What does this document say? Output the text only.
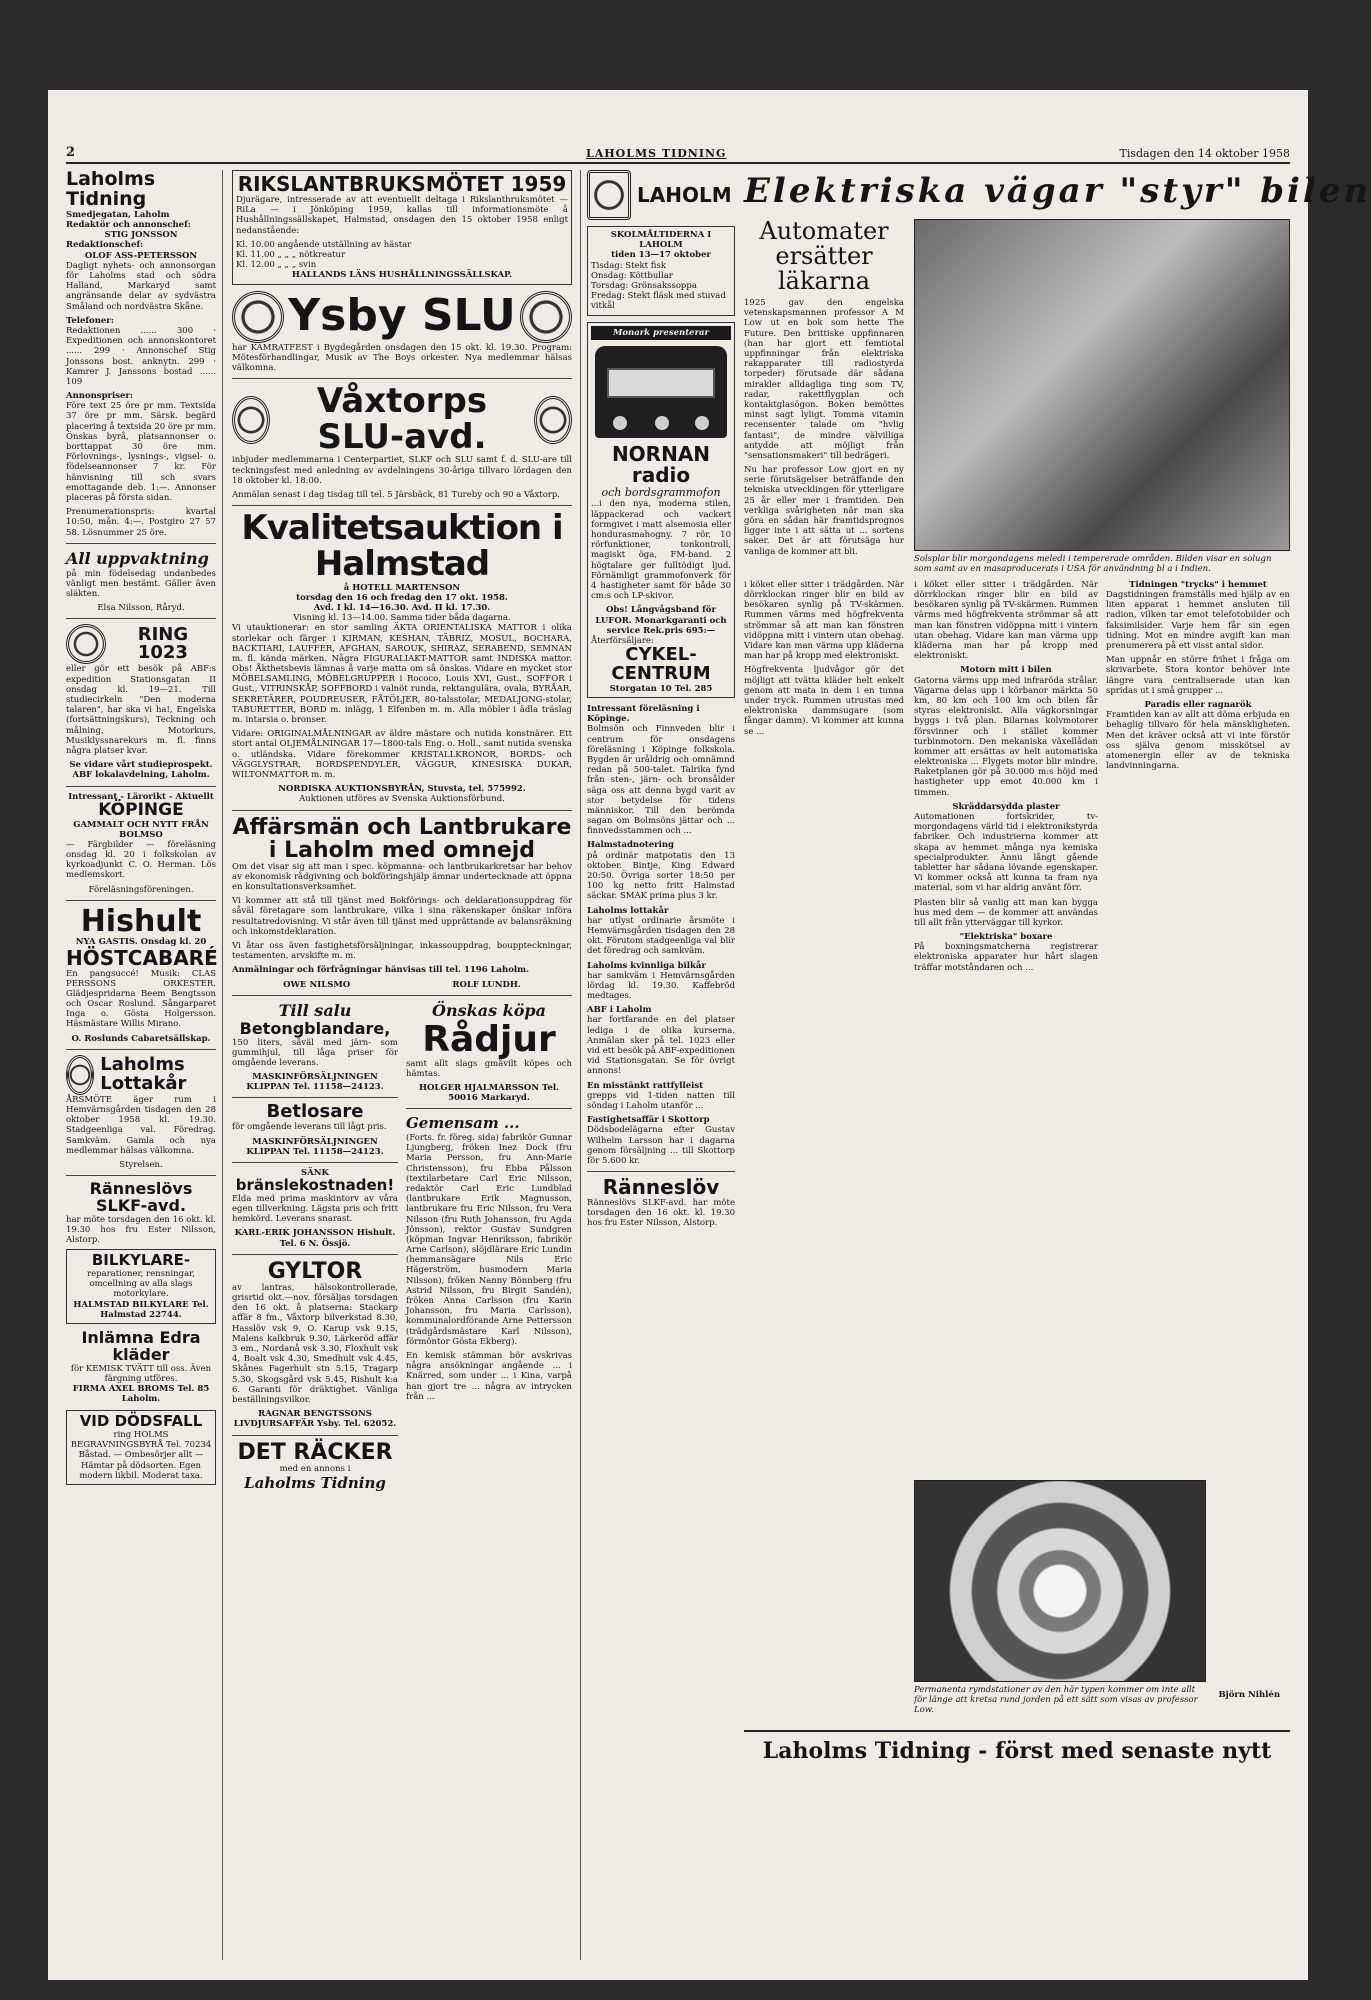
2	LAHOLMS TIDNING	Tisdagen den 14 oktober 1958
Laholms Tidning
Smedjegatan, Laholm
Redaktör och annonschef:
STIG JONSSON
Redaktionschef:
OLOF ASS-PETERSSON
Dagligt nyhets- och annonsorgan för Laholms stad och södra Halland, Markaryd samt angränsande delar av sydvästra Småland och nordvästra Skåne.
Telefoner:
Redaktionen ...... 300 · Expeditionen och annonskontoret ...... 299 · Annonschef Stig Jonssons bost. anknytn. 299 · Kamrer J. Janssons bostad ...... 109
Annonspriser:
Före text 25 öre pr mm. Textsida 37 öre pr mm. Särsk. begärd placering å textsida 20 öre pr mm. Önskas byrå, platsannonser o. borttappat 30 öre mm. Förlovnings-, lysnings-, vigsel- o. födelseannonser 7 kr. För hänvisning till sch svars emottagande deb. 1:—. Annonser placeras på första sidan.
Prenumerationspris: kvartal 10:50, mån. 4:—. Postgiro 27 57 58. Lösnummer 25 öre.
All uppvaktning
på min födelsedag undanbedes vänligt men bestämt. Gäller även släkten.
Elsa Nilsson, Råryd.
RING 1023
eller gör ett besök på ABF:s expedition Stationsgatan II onsdag kl. 19—21. Till studiecirkeln "Den moderna talaren", har ska vi ha!, Engelska (fortsättningskurs), Teckning och målning, Motorkurs, Musiklyssnarekurs m. fl. finns några platser kvar.
Se vidare vårt studieprospekt. ABF lokalavdelning, Laholm.
Intressant - Lärorikt - Aktuellt
KÖPINGE
GAMMALT OCH NYTT FRÅN BOLMSO
— Färgbilder — föreläsning onsdag kl. 20 i folkskolan av kyrkoadjunkt C. O. Herman. Lös medlemskort.
Föreläsningsföreningen.
Hishult
NYA GASTIS. Onsdag kl. 20
HÖSTCABARÉ
En pangsuccé! Musik: CLAS PERSSONS ORKESTER. Glädjespridarna Beem Bengtsson och Oscar Roslund. Sångarparet Inga o. Gösta Holgersson. Häsmästare Willis Mirano.
O. Roslunds Cabaretsällskap.
Laholms Lottakår
ÅRSMÖTE äger rum i Hemvärnsgården tisdagen den 28 oktober 1958 kl. 19.30. Stadgeenliga val. Föredrag. Samkväm. Gamla och nya medlemmar hälsas välkomna.
Styrelsen.
Rännеslövs SLKF-avd.
har möte torsdagen den 16 okt. kl. 19.30 hos fru Ester Nilsson, Alstorp.
BILKYLARE-
reparationer, rensningar, omcellning av alla slags motorkylare.
HALMSTAD BILKYLARE Tel. Halmstad 22744.
Inlämna Edra kläder
för KEMISK TVÄTT till oss. Även färgning utföres.
FIRMA AXEL BROMS Tel. 85 Laholm.
VID DÖDSFALL
ring HOLMS BEGRAVNINGSBYRÅ Tel. 70234 Båstad. — Ombesörjer allt — Hämtar på dödsorten. Egen modern likbil. Moderat taxa.
RIKSLANTBRUKSMÖTET 1959
Djurägare, intresserade av att eventuellt deltaga i Rikslanthruksmötet — RiLa — i Jönköping 1959, kallas till informationsmöte å Hushållningssällskapet, Halmstad, onsdagen den 15 oktober 1958 enligt nedanstående:
Kl. 10.00 angående utställning av hästar
Kl. 11.00 „ „ „ nötkreatur
Kl. 12.00 „ „ „ svin
HALLANDS LÄNS HUSHÅLLNINGSSÄLLSKAP.
Ysby SLU
har KAMRATFEST i Bygdegården onsdagen den 15 okt. kl. 19.30. Program: Mötesförhandlingar, Musik av The Boys orkester. Nya medlemmar hälsas välkomna.
Våxtorps SLU-avd.
inbjuder medlemmarna i Centerpartiet, SLKF och SLU samt f. d. SLU-are till teckningsfest med anledning av avdelningens 30-åriga tillvaro lördagen den 18 oktober kl. 18.00.
Anmälan senast i dag tisdag till tel. 5 Järsbäck, 81 Tureby och 90 a Våxtorp.
Kvalitetsauktion i Halmstad
å HOTELL MARTENSON
torsdag den 16 och fredag den 17 okt. 1958.
Avd. I kl. 14—16.30. Avd. II kl. 17.30.
Visning kl. 13—14.00. Samma tider båda dagarna.
Vi utauktionerar: en stor samling ÄKTA ORIENTALISKA MATTOR i olika storlekar och färger i KIRMAN, KESHAN, TÄBRIZ, MOSUL, BOCHARA, BACKTIARI, LAUFFER, AFGHAN, SAROUK, SHIRAZ, SERABEND, SEMNAN m. fl. kända märken. Några FIGURALIAKT-MATTOR samt INDISKA mattor. Obs! Åkthetsbevis lämnas å varje matta om så önskas. Vidare en mycket stor MÖBELSAMLING, MÖBELGRUPPER i Rococo, Louis XVI, Gust., SOFFOR i Gust., VITRINSKÅP, SOFFBORD i valnöt runda, rektangulära, ovala, BYRÅAR, SEKRETÄRER, POUDREUSER, FÅTÖLJER, 80-talsstolar, MEDALJONG-stolar, TABURETTER, BORD m. inlägg, 1 Elfenben m. m. Alla möbler i ädla träslag m. intarsia o. bronser.
Vidare: ORIGINALMÅLNINGAR av äldre mästare och nutida konstnärer. Ett stort antal OLJEMÅLNINGAR 17—1800-tals Eng. o. Holl., samt nutida svenska o. utländska. Vidare förekommer KRISTALLKRONOR, BORDS- och VÄGGLYSTRAR, BORDSPENDYLER, VÄGGUR, KINESISKA DUKAR, WILTONMATTOR m. m.
NORDISKA AUKTIONSBYRÅN, Stuvsta, tel. 575992.
Auktionen utföres av Svenska Auktionsförbund.
Affärsmän och Lantbrukare i Laholm med omnejd
Om det visar sig att man i spec. köpmanna- och lantbrukarkretsar har behov av ekonomisk rådgivning och bokföringshjälp ämnar undertecknade att öppna en konsultationsverksamhet.
Vi kommer att stå till tjänst med Bokförings- och deklarationsuppdrag för såväl företagare som lantbrukare, vilka i sina räkenskaper önskar införa resultatredovisning. Vi står även till tjänst med upprättande av balansräkning och inkomstdeklaration.
Vi åtar oss även fastighetsförsäljningar, inkassouppdrag, bouppteckningar, testamenten, arvskifte m. m.
Anmälningar och förfrågningar hänvisas till tel. 1196 Laholm.
OWE NILSMO	ROLF LUNDH.
Till salu
Betongblandare,
150 liters, såväl med järn- som gummihjul, till låga priser för omgående leverans.
MASKINFÖRSÄLJNINGEN KLIPPAN Tel. 11158—24123.
Betlosare
för omgående leverans till lågt pris.
MASKINFÖRSÄLJNINGEN KLIPPAN Tel. 11158—24123.
SÄNK
bränslekostnaden!
Elda med prima maskintorv av våra egen tillverkning. Lägsta pris och fritt hemkörd. Leverans snarast.
KARL-ERIK JOHANSSON Hishult. Tel. 6 N. Össjö.
GYLTOR
av lantras, hälsokontrollerade, grisrtid okt.—nov. försäljas torsdagen den 16 okt. å platserna: Stackarp affär 8 fm., Våxtorp bilverkstad 8.30, Hasslöv vsk 9, O. Karup vsk 9.15, Malens kalkbruk 9.30, Lärkeröd affär 3 em., Nordanå vsk 3.30, Floxhult vsk 4, Boalt vsk 4.30, Smedhult vsk 4.45, Skånes Fagerhult stn 5.15, Tragarp 5.30, Skogsgård vsk 5.45, Rishult k:a 6. Garanti för dräktighet. Vänliga beställningsvilkor.
RAGNAR BENGTSSONS LIVDJURSAFFÄR Ysby. Tel. 62052.
DET RÄCKER
med en annons i
Laholms Tidning
Önskas köpa
Rådjur
samt allt slags gmåvilt köpes och hämtas.
HOLGER HJALMARSSON Tel. 50016 Markaryd.
Gemensam ...
(Forts. fr. föreg. sida) fabrikör Gunnar Ljungberg, fröken Inez Dock (fru Maria Persson, fru Ann-Marie Christensson), fru Ebba Pålsson (textilarbetare Carl Eric Nilsson, redaktör Carl Eric Lundblad (lantbrukare Erik Magnusson, lantbrukare fru Eric Nilsson, fru Vera Nilsson (fru Ruth Johansson, fru Agda Jönsson), rektor Gustav Sundgren (köpman Ingvar Henriksson, fabrikör Arne Carlson), slöjdlärare Eric Lundin (hemmansägare Nils Eric Hägerström, husmodern Maria Nilsson), fröken Nanny Bönnberg (fru Astrid Nilsson, fru Birgit Sandén), fröken Anna Carlsson (fru Karin Johansson, fru Maria Carlsson), kommunalordförande Arne Pettersson (trädgårdsmästare Karl Nilsson), förmöntor Gösta Ekberg).
En kemisk stämman bör avskrivas några ansökningar angående ... i Knärred, som under ... i Kina, varpå han gjort tre ... några av intrycken från ...
LAHOLM
SKOLMÅLTIDERNA I LAHOLM
tiden 13—17 oktober
Tisdag: Stekt fisk
Onsdag: Köttbullar
Torsdag: Grönsakssoppa
Fredag: Stekt fläsk med stuvad vitkål
Monark presenterar
NORNAN radio
och bordsgrammofon
...i den nya, moderna stilen, läppackerad och vackert formgivet i matt alsemosia eller hondurasmahogny. 7 rör, 10 rörfunktioner, tonkontroll, magiskt öga, FM-band. 2 högtalare ger fulltödigt ljud. Förnämligt grammofonverk för 4 hastigheter samt för både 30 cm:s och LP-skivor.
Obs! Långvågsband för LUFOR. Monarkgaranti och service Rek.pris 695:—
Återförsäljare:
CYKEL-CENTRUM
Storgatan 10 Tel. 285
Intressant föreläsning i Köpinge.
Bolmsön och Finnveden blir i centrum för onsdagens föreläsning i Köpinge folkskola. Bygden är uråldrig och omnämnd redan på 500-talet. Talrika fynd från sten-, järn- och bronsålder säga oss att denna bygd varit av stor betydelse för tidens människor. Till den berömda sagan om Bolmsöns jättar och ... finnvedsstammen och ...
Halmstadnotering
på ordinär matpotatis den 13 oktober. Bintje, King Edward 20:50. Övriga sorter 18:50 per 100 kg netto fritt Halmstad säckar. SMAK prima plus 3 kr.
Laholms lottakår
har utlyst ordinarie årsmöte i Hemvärnsgården tisdagen den 28 okt. Förutom stadgeenliga val blir det föredrag och samkväm.
Laholms kvinnliga bilkår
har samkväm i Hemvärnsgården lördag kl. 19.30. Kaffebröd medtages.
ABF i Laholm
har fortfarande en del platser lediga i de olika kurserna. Anmälan sker på tel. 1023 eller vid ett besök på ABF-expeditionen vid Stationsgatan. Se för övrigt annons!
En misstänkt rattfylleist
grepps vid 1-tiden natten till söndag i Laholm utanför ...
Fastighetsaffär i Skottorp
Dödsbodelägarna efter Gustav Wilhelm Larsson har i dagarna genom försäljning ... till Skottorp för 5.600 kr.
Rännеslöv
Rännеslövs SLKF-avd. har möte torsdagen den 16 okt. kl. 19.30 hos fru Ester Nilsson, Alstorp.
Elektriska vägar "styr" bilen
Automater ersätter läkarna
1925 gav den engelska vetenskapsmannen professor A M Low ut en bok som hette The Future. Den brittiske uppfinnaren (han har gjort ett femtiotal uppfinningar från elektriska rakapparater till radiostyrda torpeder) förutsade där sådana mirakler alldagliga ting som TV, radar, rakettflygplan och kontaktglasögon. Boken bemöttes minst sagt lyligt. Tomma vitamin recensenter talade om "hvlig fantasi", de mindre välvilliga antydde att möjligt från "sensationsmakeri" till bedrägeri.
Nu har professor Low gjort en ny serie förutsägelser beträffande den tekniska utvecklingen för ytterligare 25 år eller mer i framtiden. Den verkliga svårigheten när man ska göra en sådan här framtidsprognos ligger inte i att sätta ut ... sortens saker. Det är att förutsäga hur vanliga de kommer att bli.
Solsplar blir morgondagens meledi i tempererade områden. Bilden visar en solugn som samt av en masaproducerats i USA för användning bl a i Indien.
i köket eller sitter i trädgården. När dörrklockan ringer blir en bild av besökaren synlig på TV-skärmen. Rummen värms med högfrekventa strömmar så att man kan fönstren vidöppna mitt i vintern utan obehag. Vidare kan man värma upp kläderna man har på kropp med elektroniskt.
Högfrekventa ljudvågor gör det möjligt att tvätta kläder helt enkelt genom att mata in dem i en tunna under tryck. Rummen utrustas med elektroniska dammsugare (som fångar damm). Vi kommer att kunna se ...
i köket eller sitter i trädgården. När dörrklockan ringer blir en bild av besökaren synlig på TV-skärmen. Rummen värms med högfrekventa strömmar så att man kan fönstren vidöppna mitt i vintern utan obehag. Vidare kan man värma upp kläderna man har på kropp med elektroniskt.
Motorn mitt i bilen
Gatorna värms upp med infraröda strålar. Vägarna delas upp i körbanor märkta 50 km, 80 km och 100 km och bilen får styras elektroniskt. Alla vägkorsningar byggs i två plan. Bilarnas kolvmotorer försvinner och i stället kommer turbinmotorn. Den mekaniska växellådan kommer att ersättas av helt automatiska elektroniska ... Flygets motor blir mindre. Raketplanen gör på 30.000 m:s höjd med hastigheter upp emot 40.000 km i timmen.
Skräddarsydda plaster
Automationen fortskrider, tv-morgondagens värld tid i elektronikstyrda fabriker. Och industrierna kommer att skapa av hemmet många nya kemiska specialprodukter. Ännu långt gående tabletter har sådana lövande egenskaper. Vi kommer också att kunna ta fram nya material, som vi har aldrig använt förr.
Plasten blir så vanlig att man kan bygga hus med dem — de kommer att användas till allt från ytterväggar till kyrkor.
"Elektriska" boxare
På boxningsmatcherna registrerar elektroniska apparater hur hårt slagen träffar motståndaren och ...
Tidningen "trycks" i hemmet
Dagstidningen framställs med hjälp av en liten apparat i hemmet ansluten till radion, vilken tar emot telefotobilder och faksimilsider. Varje hem får sin egen tidning. Mot en mindre avgift kan man prenumerera på ett visst antal sidor.
Man uppnår en större frihet i fråga om skrivarbete. Stora kontor behöver inte längre vara centraliserade utan kan spridas ut i små grupper ...
Paradis eller ragnarök
Framtiden kan av allt att döma erbjuda en behaglig tillvaro för hela mänskligheten. Men det kräver också att vi inte förstör oss själva genom misskötsel av atomenergin eller av de tekniska landvinningarna.
Permanenta rymdstationer av den här typen kommer om inte allt för länge att kretsa rund jorden på ett sätt som visas av professor Low.
Björn Nihlén
Laholms Tidning - först med senaste nytt
